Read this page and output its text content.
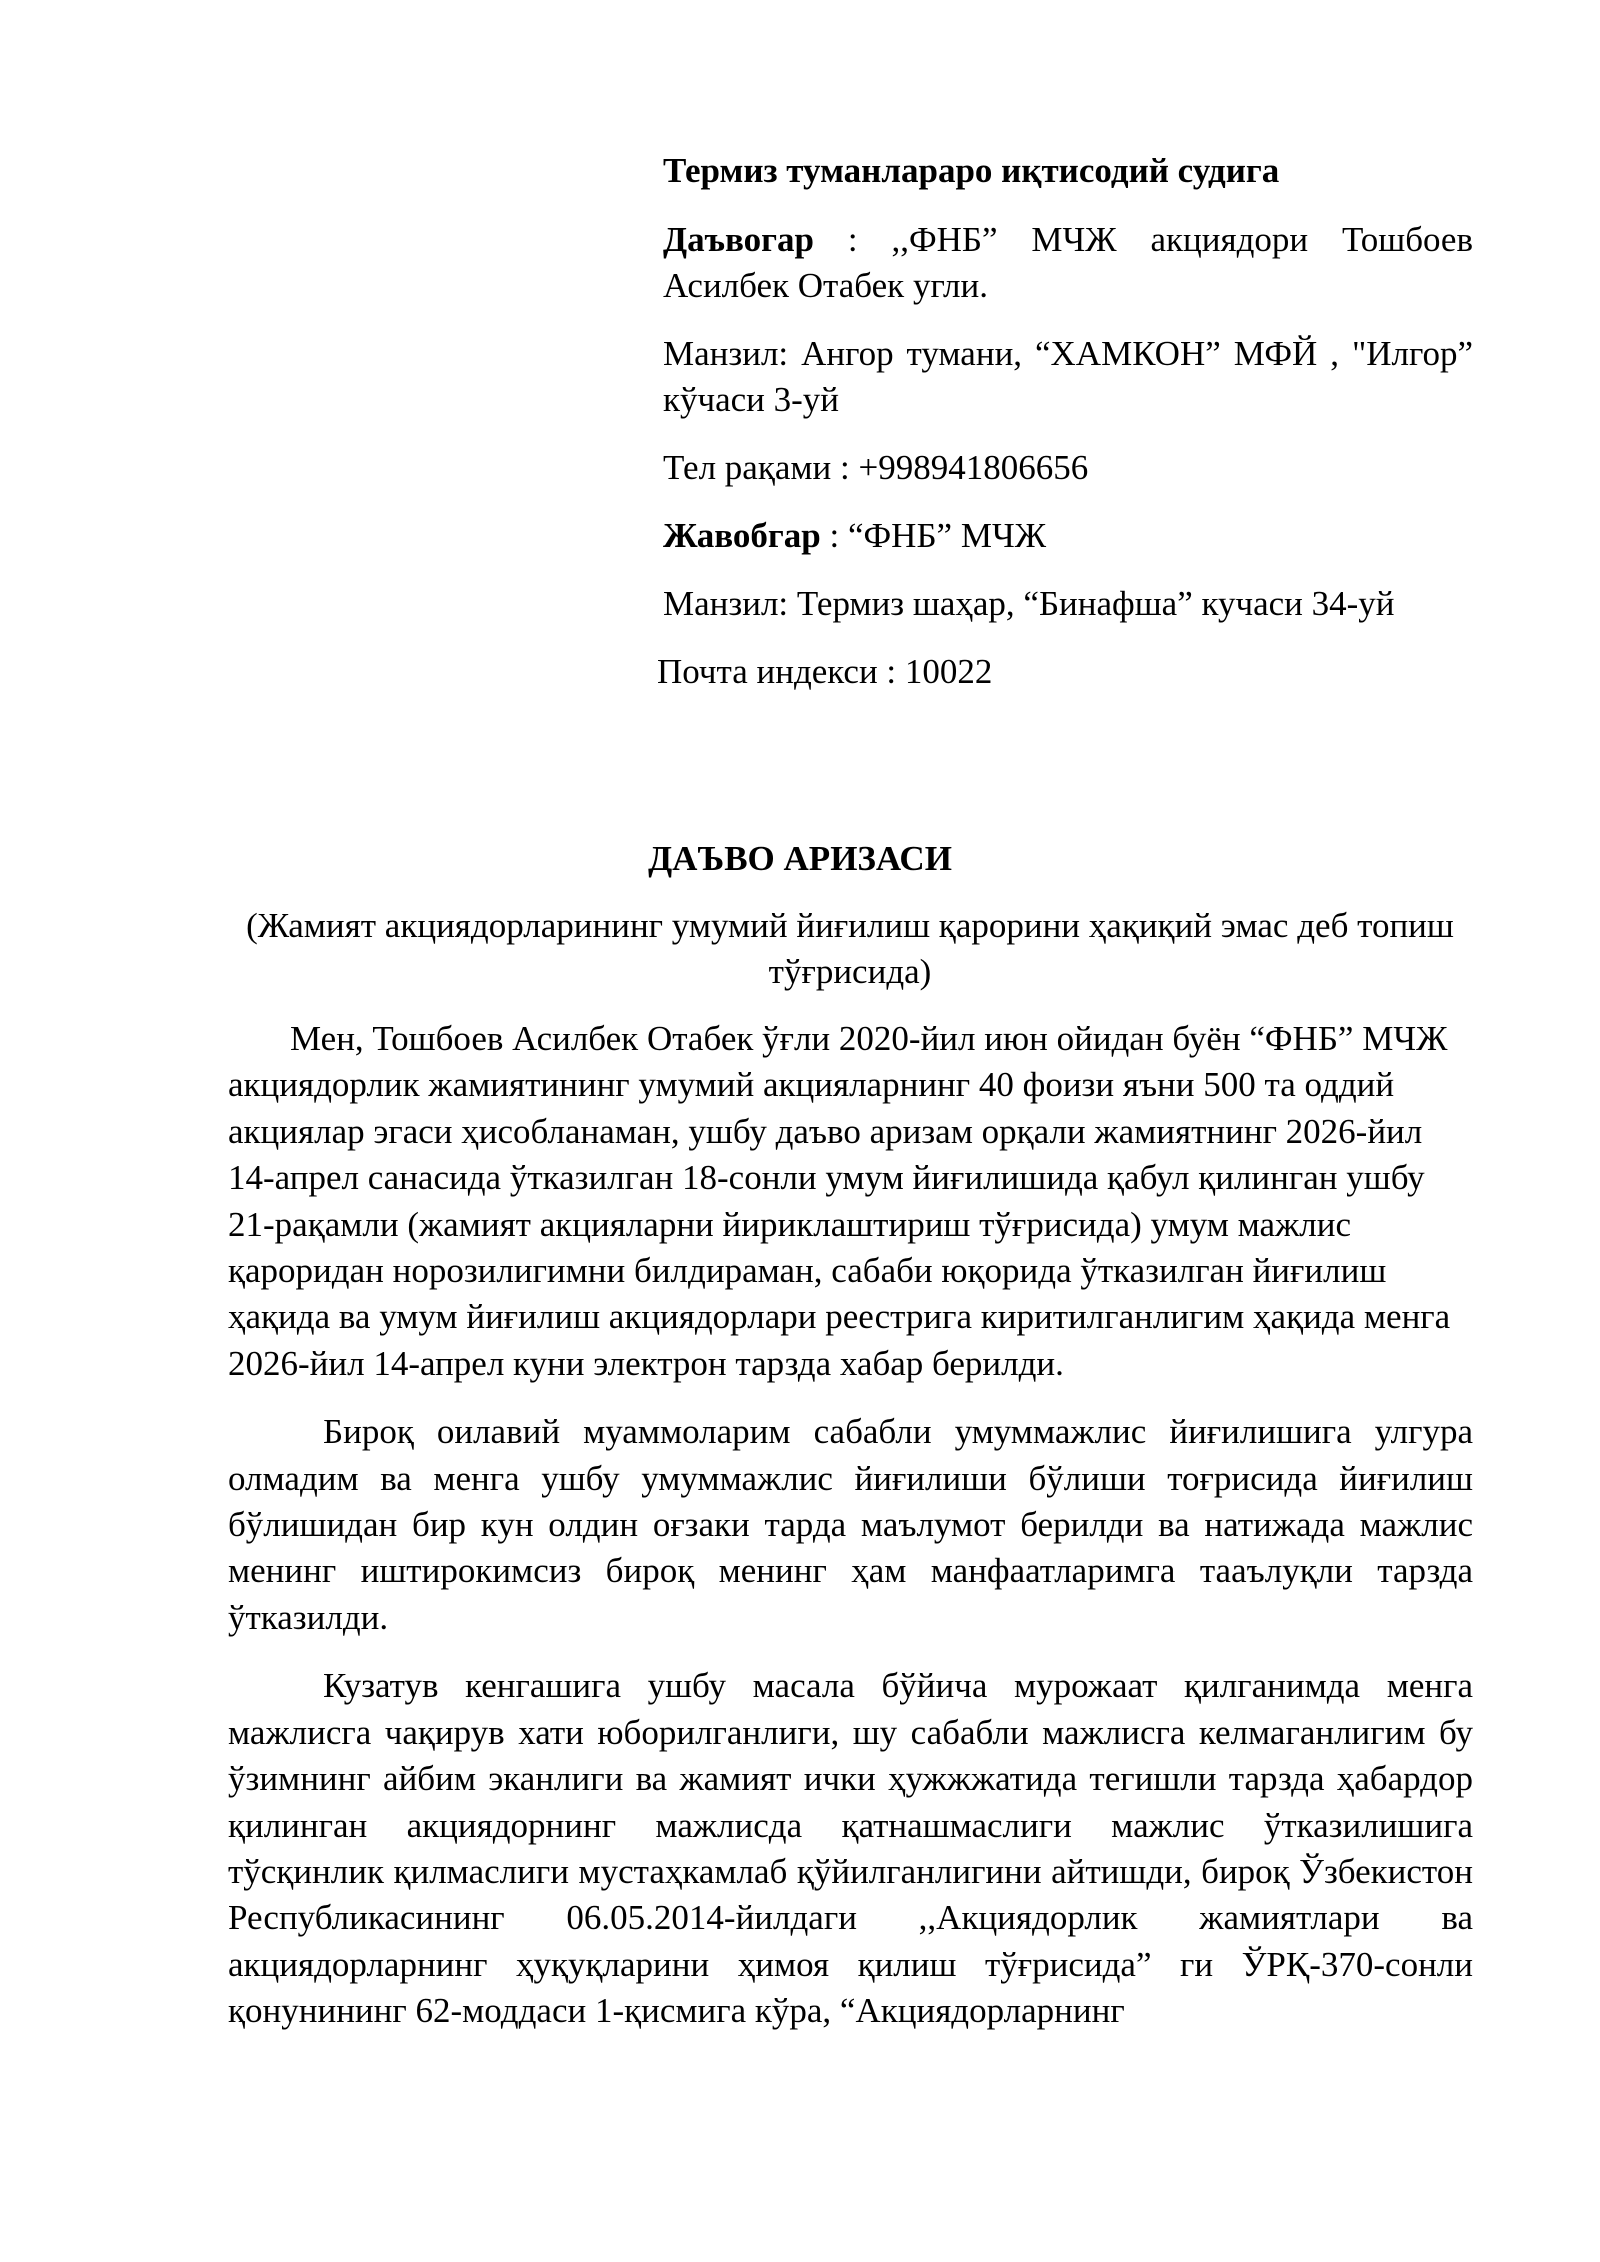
Термиз туманлараро иқтисодий судига

Даъвогар : ,,ФНБ” МЧЖ акциядори Тошбоев Асилбек Отабек угли.

Манзил: Ангор тумани, “ХАМКОН” МФЙ , "Илгор” кўчаси 3-уй

Тел рақами : +998941806656

Жавобгар : “ФНБ” МЧЖ

Манзил: Термиз шаҳар, “Бинафша” кучаси 34-уй

Почта индекси : 10022

ДАЪВО АРИЗАСИ
(Жамият акциядорларининг умумий йиғилиш қарорини ҳақиқий эмас деб топиш тўғрисида)

Мен, Тошбоев Асилбек Отабек ўғли 2020-йил июн ойидан буён “ФНБ” МЧЖ акциядорлик жамиятининг умумий акцияларнинг 40 фоизи яъни 500 та оддий акциялар эгаси ҳисобланаман, ушбу даъво аризам орқали жамиятнинг 2026-йил 14-апрел санасида ўтказилган 18-сонли умум йиғилишида қабул қилинган ушбу 21-рақамли (жамият акцияларни йириклаштириш тўғрисида) умум мажлис қароридан норозилигимни билдираман, сабаби юқорида ўтказилган йиғилиш ҳақида ва умум йиғилиш акциядорлари реестрига киритилганлигим ҳақида менга 2026-йил 14-апрел куни электрон тарзда хабар берилди.

Бироқ оилавий муаммоларим сабабли умуммажлис йиғилишига улгура олмадим ва менга ушбу умуммажлис йиғилиши бўлиши тоғрисида йиғилиш бўлишидан бир кун олдин оғзаки тарда маълумот берилди ва натижада мажлис менинг иштирокимсиз бироқ менинг ҳам манфаатларимга тааълуқли тарзда ўтказилди.

Кузатув кенгашига ушбу масала бўйича мурожаат қилганимда менга мажлисга чақирув хати юборилганлиги, шу сабабли мажлисга келмаганлигим бу ўзимнинг айбим эканлиги ва жамият ички ҳужжжатида тегишли тарзда ҳабардор қилинган акциядорнинг мажлисда қатнашмаслиги мажлис ўтказилишига тўсқинлик қилмаслиги мустаҳкамлаб қўйилганлигини айтишди, бироқ Ўзбекистон Республикасининг 06.05.2014-йилдаги ,,Акциядорлик жамиятлари ва акциядорларнинг ҳуқуқларини ҳимоя қилиш тўғрисида” ги ЎРҚ-370-сонли қонунининг 62-моддаси 1-қисмига кўра, “Акциядорларнинг
